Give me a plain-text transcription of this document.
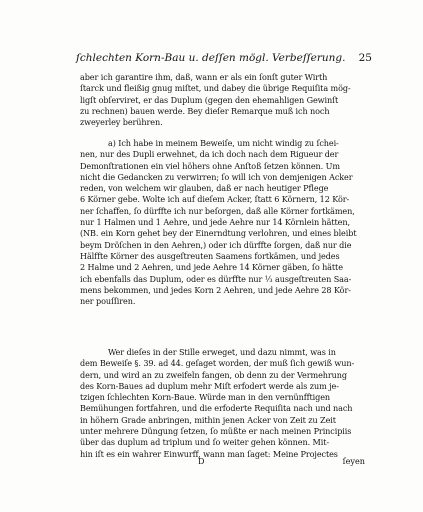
ſchlechten Korn-Bau u. deſſen mögl. Verbeſſerung. 25
aber ich garantire ihm, daß, wann er als ein ſonſt guter Wirth
ſtarck und fleißig gnug miſtet, und dabey die übrige Requiſita mög-
ligſt obſerviret, er das Duplum (gegen den ehemahligen Gewinſt
zu rechnen) bauen werde. Bey dieſer Remarque muß ich noch
zweyerley berühren.
a) Ich habe in meinem Beweiſe, um nicht windig zu ſchei-
nen, nur des Dupli erwehnet, da ich doch nach dem Rigueur der
Demonſtrationen ein viel höhers ohne Anſtoß ſetzen können. Um
nicht die Gedancken zu verwirren; ſo will ich von demjenigen Acker
reden, von welchem wir glauben, daß er nach heutiger Pflege
6 Körner gebe. Wolte ich auf dieſem Acker, ſtatt 6 Körnern, 12 Kör-
ner ſchaffen, ſo dürffte ich nur beſorgen, daß alle Körner fortkämen,
nur 1 Halmen und 1 Aehre, und jede Aehre nur 14 Körnlein hätten,
(NB. ein Korn gehet bey der Einerndtung verlohren, und eines bleibt
beym Dröſchen in den Aehren,) oder ich dürffte ſorgen, daß nur die
Hälffte Körner des ausgeſtreuten Saamens fortkämen, und jedes
2 Halme und 2 Aehren, und jede Aehre 14 Körner gäben, ſo hätte
ich ebenfalls das Duplum, oder es dürffte nur ⅓ ausgeſtreuten Saa-
mens bekommen, und jedes Korn 2 Aehren, und jede Aehre 28 Kör-
ner pouſſiren.
Wer dieſes in der Stille erweget, und dazu nimmt, was in
dem Beweiſe §. 39. ad 44. geſaget worden, der muß ſich gewiß wun-
dern, und wird an zu zweifeln fangen, ob denn zu der Vermehrung
des Korn-Baues ad duplum mehr Miſt erfodert werde als zum je-
tzigen ſchlechten Korn-Baue. Würde man in den vernünfftigen
Bemühungen fortfahren, und die erfoderte Requiſita nach und nach
in höhern Grade anbringen, mithin jenen Acker von Zeit zu Zeit
unter mehrere Düngung ſetzen, ſo müßte er nach meinen Principiis
über das duplum ad triplum und ſo weiter gehen können. Mit-
hin iſt es ein wahrer Einwurff, wann man ſaget: Meine Projectes
D	ſeyen
